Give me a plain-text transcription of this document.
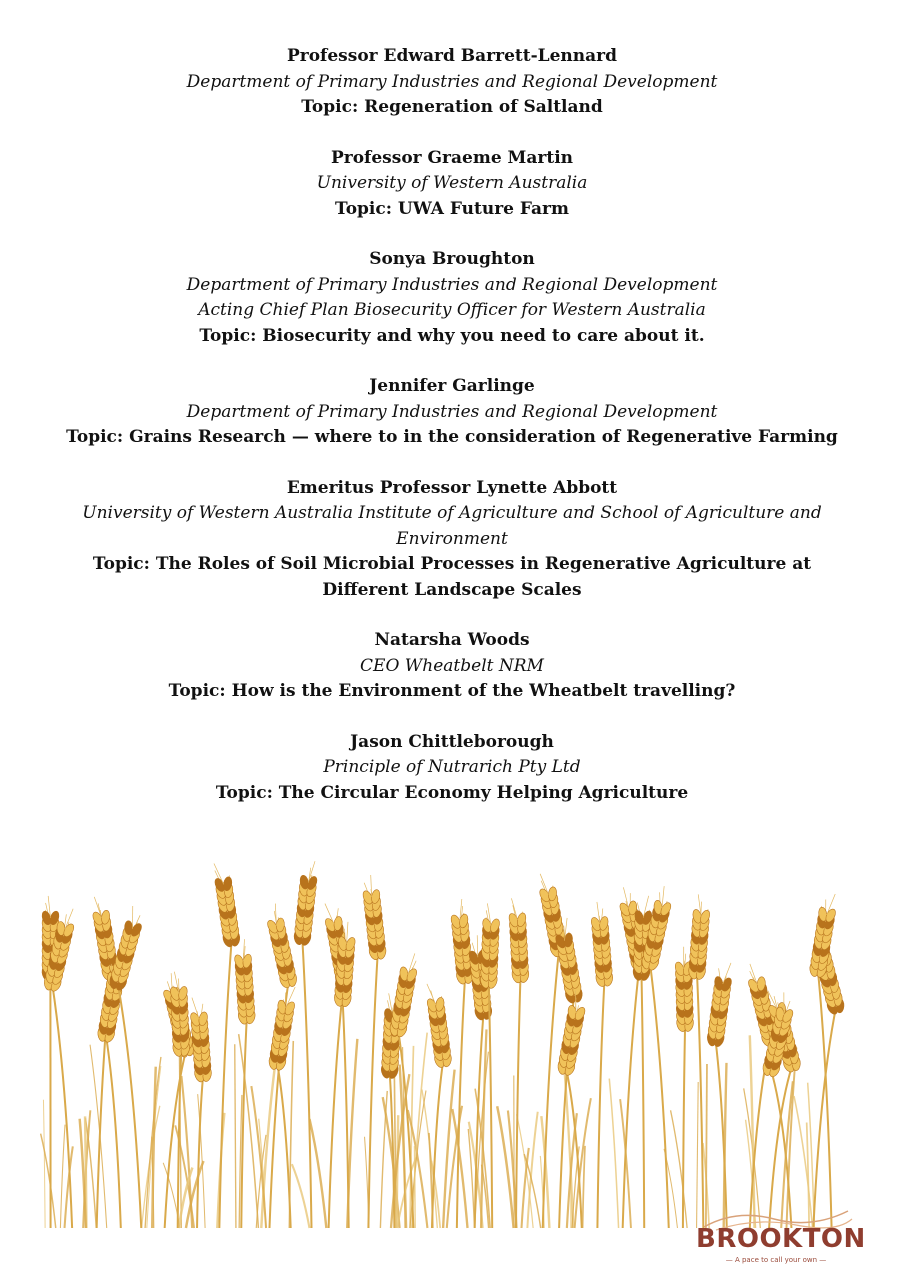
Professor Edward Barrett-Lennard
Department of Primary Industries and Regional Development
Topic: Regeneration of Saltland
Professor Graeme Martin
University of Western Australia
Topic: UWA Future Farm
Sonya Broughton
Department of Primary Industries and Regional Development
Acting Chief Plan Biosecurity Officer for Western Australia
Topic: Biosecurity and why you need to care about it.
Jennifer Garlinge
Department of Primary Industries and Regional Development
Topic: Grains Research — where to in the consideration of Regenerative Farming
Emeritus Professor Lynette Abbott
University of Western Australia Institute of Agriculture and School of Agriculture and Environment
Topic: The Roles of Soil Microbial Processes in Regenerative Agriculture at Different Landscape Scales
Natarsha Woods
CEO Wheatbelt NRM
Topic: How is the Environment of the Wheatbelt travelling?
Jason Chittleborough
Principle of Nutrarich Pty Ltd
Topic: The Circular Economy Helping Agriculture
BROOKTON
— A pace to call your own —
